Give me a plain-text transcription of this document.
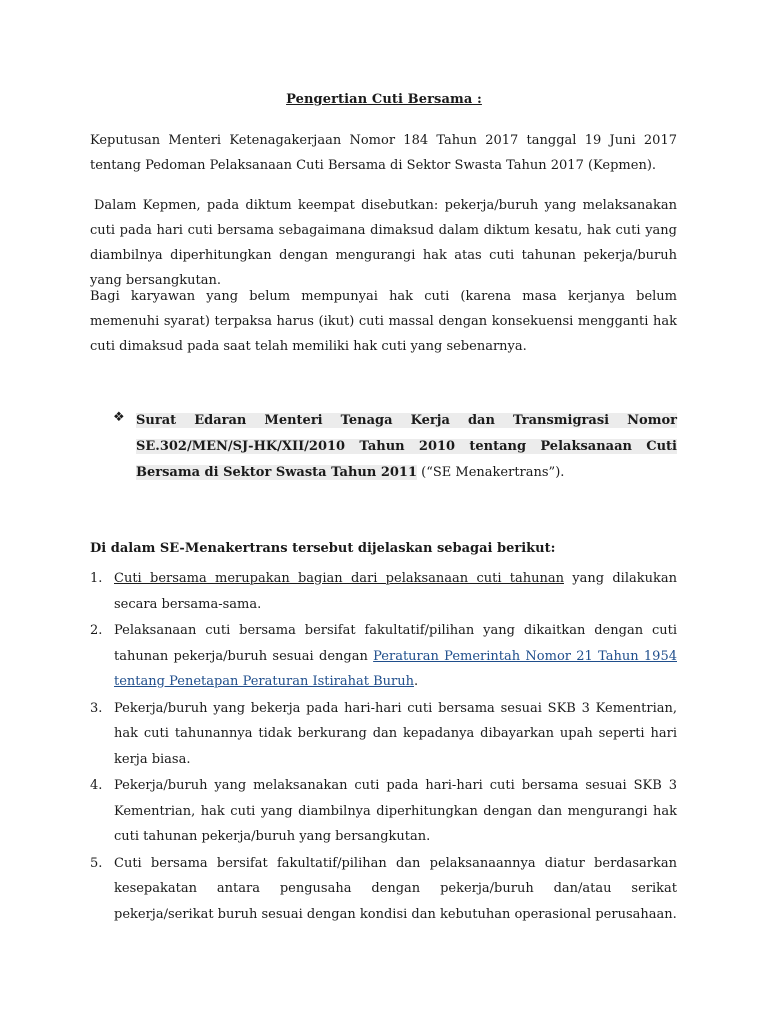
Pengertian Cuti Bersama :

Keputusan Menteri Ketenagakerjaan Nomor 184 Tahun 2017 tanggal 19 Juni 2017 tentang Pedoman Pelaksanaan Cuti Bersama di Sektor Swasta Tahun 2017 (Kepmen).

Dalam Kepmen, pada diktum keempat disebutkan: pekerja/buruh yang melaksanakan cuti pada hari cuti bersama sebagaimana dimaksud dalam diktum kesatu, hak cuti yang diambilnya diperhitungkan dengan mengurangi hak atas cuti tahunan pekerja/buruh yang bersangkutan.

Bagi karyawan yang belum mempunyai hak cuti (karena masa kerjanya belum memenuhi syarat) terpaksa harus (ikut) cuti massal dengan konsekuensi mengganti hak cuti dimaksud pada saat telah memiliki hak cuti yang sebenarnya.

❖ Surat Edaran Menteri Tenaga Kerja dan Transmigrasi Nomor SE.302/MEN/SJ-HK/XII/2010 Tahun 2010 tentang Pelaksanaan Cuti Bersama di Sektor Swasta Tahun 2011 (“SE Menakertrans”).

Di dalam SE-Menakertrans tersebut dijelaskan sebagai berikut:
1. Cuti bersama merupakan bagian dari pelaksanaan cuti tahunan yang dilakukan secara bersama-sama.
2. Pelaksanaan cuti bersama bersifat fakultatif/pilihan yang dikaitkan dengan cuti tahunan pekerja/buruh sesuai dengan Peraturan Pemerintah Nomor 21 Tahun 1954 tentang Penetapan Peraturan Istirahat Buruh.
3. Pekerja/buruh yang bekerja pada hari-hari cuti bersama sesuai SKB 3 Kementrian, hak cuti tahunannya tidak berkurang dan kepadanya dibayarkan upah seperti hari kerja biasa.
4. Pekerja/buruh yang melaksanakan cuti pada hari-hari cuti bersama sesuai SKB 3 Kementrian, hak cuti yang diambilnya diperhitungkan dengan dan mengurangi hak cuti tahunan pekerja/buruh yang bersangkutan.
5. Cuti bersama bersifat fakultatif/pilihan dan pelaksanaannya diatur berdasarkan kesepakatan antara pengusaha dengan pekerja/buruh dan/atau serikat pekerja/serikat buruh sesuai dengan kondisi dan kebutuhan operasional perusahaan.
